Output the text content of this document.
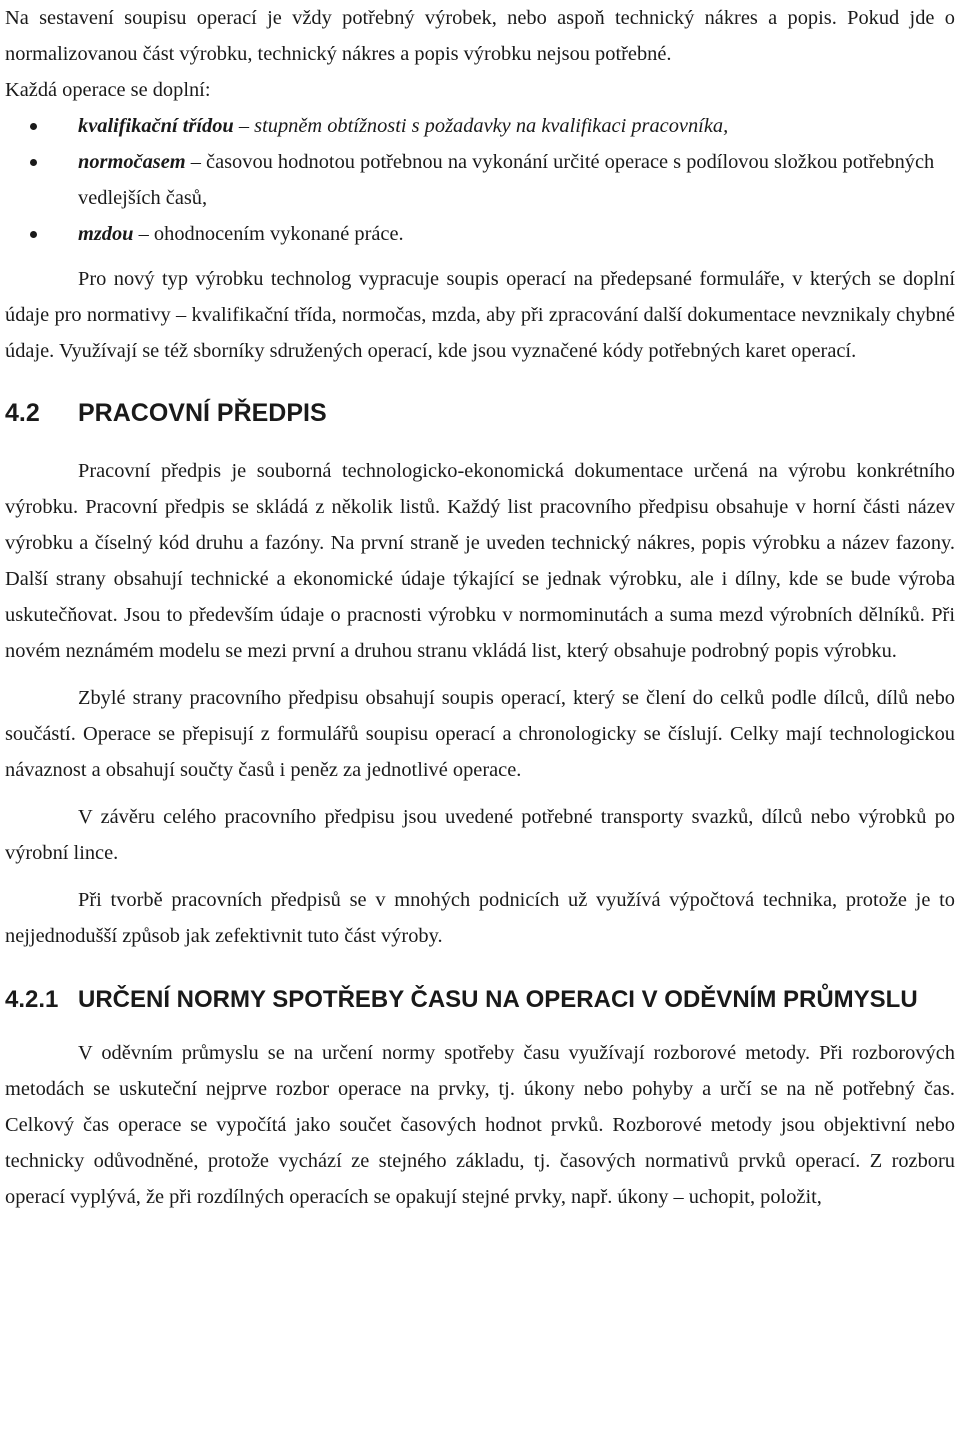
Na sestavení soupisu operací je vždy potřebný výrobek, nebo aspoň technický nákres a popis. Pokud jde o normalizovanou část výrobku, technický nákres a popis výrobku nejsou potřebné.

Každá operace se doplní:

kvalifikační třídou – stupněm obtížnosti s požadavky na kvalifikaci pracovníka,
normočasem – časovou hodnotou potřebnou na vykonání určité operace s podílovou složkou potřebných vedlejších časů,
mzdou – ohodnocením vykonané práce.

Pro nový typ výrobku technolog vypracuje soupis operací na předepsané formuláře, v kterých se doplní údaje pro normativy – kvalifikační třída, normočas, mzda, aby při zpracování další dokumentace nevznikaly chybné údaje. Využívají se též sborníky sdružených operací, kde jsou vyznačené kódy potřebných karet operací.

4.2	PRACOVNÍ PŘEDPIS

Pracovní předpis je souborná technologicko-ekonomická dokumentace určená na výrobu konkrétního výrobku. Pracovní předpis se skládá z několik listů. Každý list pracovního předpisu obsahuje v horní části název výrobku a číselný kód druhu a fazóny. Na první straně je uveden technický nákres, popis výrobku a název fazony. Další strany obsahují technické a ekonomické údaje týkající se jednak výrobku, ale i dílny, kde se bude výroba uskutečňovat. Jsou to především údaje o pracnosti výrobku v normominutách a suma mezd výrobních dělníků. Při novém neznámém modelu se mezi první a druhou stranu vkládá list, který obsahuje podrobný popis výrobku.

Zbylé strany pracovního předpisu obsahují soupis operací, který se člení do celků podle dílců, dílů nebo součástí. Operace se přepisují z formulářů soupisu operací a chronologicky se číslují. Celky mají technologickou návaznost a obsahují součty časů i peněz za jednotlivé operace.

V závěru celého pracovního předpisu jsou uvedené potřebné transporty svazků, dílců nebo výrobků po výrobní lince.

Při tvorbě pracovních předpisů se v mnohých podnicích už využívá výpočtová technika, protože je to nejjednodušší způsob jak zefektivnit tuto část výroby.

4.2.1 URČENÍ NORMY SPOTŘEBY ČASU NA OPERACI V ODĚVNÍM PRŮMYSLU

V oděvním průmyslu se na určení normy spotřeby času využívají rozborové metody. Při rozborových metodách se uskuteční nejprve rozbor operace na prvky, tj. úkony nebo pohyby a určí se na ně potřebný čas. Celkový čas operace se vypočítá jako součet časových hodnot prvků. Rozborové metody jsou objektivní nebo technicky odůvodněné, protože vychází ze stejného základu, tj. časových normativů prvků operací. Z rozboru operací vyplývá, že při rozdílných operacích se opakují stejné prvky, např. úkony – uchopit, položit,
